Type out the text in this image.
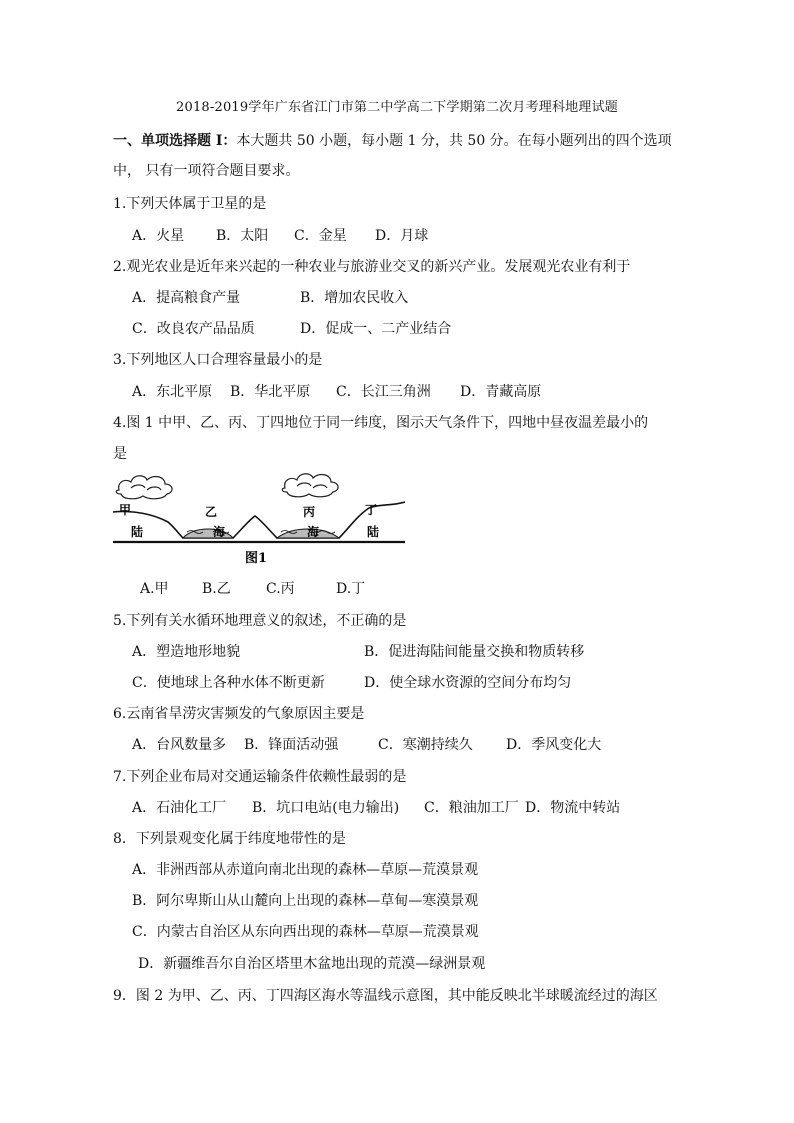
2018-2019学年广东省江门市第二中学高二下学期第二次月考理科地理试题
一、单项选择题 I：本大题共 50 小题，每小题 1 分，共 50 分。在每小题列出的四个选项
中， 只有一项符合题目要求。
1.下列天体属于卫星的是
A．火星 B．太阳 C．金星 D．月球
2.观光农业是近年来兴起的一种农业与旅游业交叉的新兴产业。发展观光农业有利于
A．提高粮食产量	B．增加农民收入
C．改良农产品品质	D．促成一、二产业结合
3.下列地区人口合理容量最小的是
A．东北平原 B．华北平原 C．长江三角洲 D．青藏高原
4.图 1 中甲、乙、丙、丁四地位于同一纬度，图示天气条件下，四地中昼夜温差最小的
是
甲
陆
乙
海
丙
海
丁
陆
图1
A.甲 B.乙	C.丙	D.丁
5.下列有关水循环地理意义的叙述，不正确的是
A．塑造地形地貌	B．促进海陆间能量交换和物质转移
C．使地球上各种水体不断更新	D．使全球水资源的空间分布均匀
6.云南省旱涝灾害频发的气象原因主要是
A．台风数量多 B．锋面活动强	C．寒潮持续久 D．季风变化大
7.下列企业布局对交通运输条件依赖性最弱的是
A．石油化工厂 B．坑口电站(电力输出) C．粮油加工厂 D．物流中转站
8．下列景观变化属于纬度地带性的是
A．非洲西部从赤道向南北出现的森林—草原—荒漠景观
B．阿尔卑斯山从山麓向上出现的森林—草甸—寒漠景观
C．内蒙古自治区从东向西出现的森林—草原—荒漠景观
D．新疆维吾尔自治区塔里木盆地出现的荒漠—绿洲景观
9．图 2 为甲、乙、丙、丁四海区海水等温线示意图，其中能反映北半球暖流经过的海区
